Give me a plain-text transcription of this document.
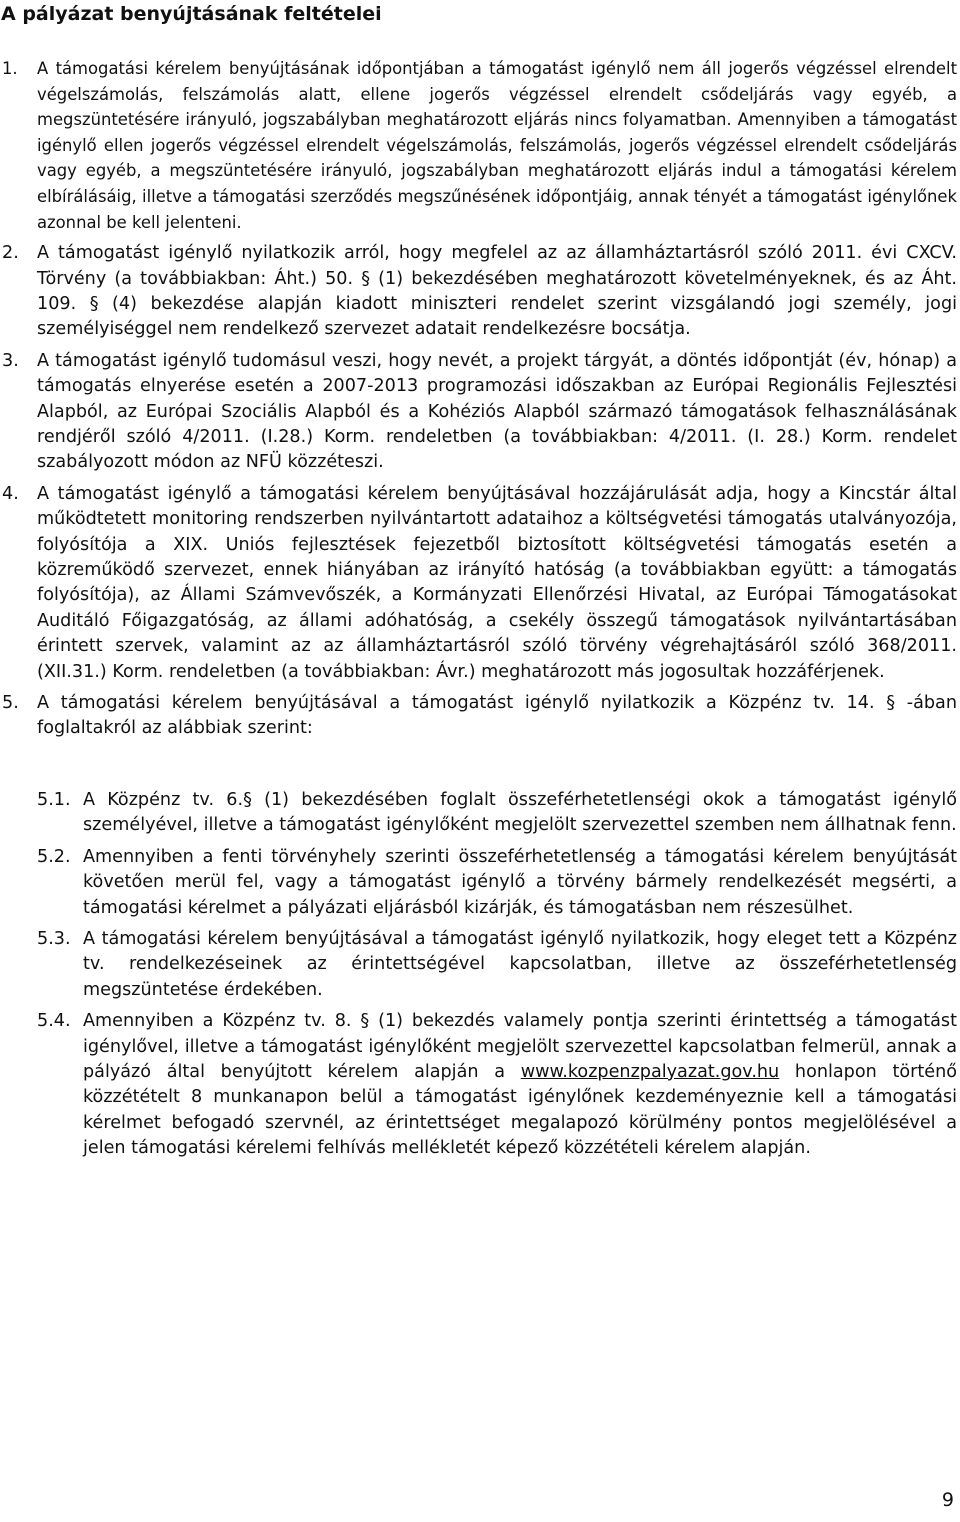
A pályázat benyújtásának feltételei
1. A támogatási kérelem benyújtásának időpontjában a támogatást igénylő nem áll jogerős végzéssel elrendelt végelszámolás, felszámolás alatt, ellene jogerős végzéssel elrendelt csődeljárás vagy egyéb, a megszüntetésére irányuló, jogszabályban meghatározott eljárás nincs folyamatban. Amennyiben a támogatást igénylő ellen jogerős végzéssel elrendelt végelszámolás, felszámolás, jogerős végzéssel elrendelt csődeljárás vagy egyéb, a megszüntetésére irányuló, jogszabályban meghatározott eljárás indul a támogatási kérelem elbírálásáig, illetve a támogatási szerződés megszűnésének időpontjáig, annak tényét a támogatást igénylőnek azonnal be kell jelenteni.
2. A támogatást igénylő nyilatkozik arról, hogy megfelel az az államháztartásról szóló 2011. évi CXCV. Törvény (a továbbiakban: Áht.) 50. § (1) bekezdésében meghatározott követelményeknek, és az Áht. 109. § (4) bekezdése alapján kiadott miniszteri rendelet szerint vizsgálandó jogi személy, jogi személyiséggel nem rendelkező szervezet adatait rendelkezésre bocsátja.
3. A támogatást igénylő tudomásul veszi, hogy nevét, a projekt tárgyát, a döntés időpontját (év, hónap) a támogatás elnyerése esetén a 2007-2013 programozási időszakban az Európai Regionális Fejlesztési Alapból, az Európai Szociális Alapból és a Kohéziós Alapból származó támogatások felhasználásának rendjéről szóló 4/2011. (I.28.) Korm. rendeletben (a továbbiakban: 4/2011. (I. 28.) Korm. rendelet szabályozott módon az NFÜ közzéteszi.
4. A támogatást igénylő a támogatási kérelem benyújtásával hozzájárulását adja, hogy a Kincstár által működtetett monitoring rendszerben nyilvántartott adataihoz a költségvetési támogatás utalványozója, folyósítója a XIX. Uniós fejlesztések fejezetből biztosított költségvetési támogatás esetén a közreműködő szervezet, ennek hiányában az irányító hatóság (a továbbiakban együtt: a támogatás folyósítója), az Állami Számvevőszék, a Kormányzati Ellenőrzési Hivatal, az Európai Támogatásokat Auditáló Főigazgatóság, az állami adóhatóság, a csekély összegű támogatások nyilvántartásában érintett szervek, valamint az az államháztartásról szóló törvény végrehajtásáról szóló 368/2011. (XII.31.) Korm. rendeletben (a továbbiakban: Ávr.) meghatározott más jogosultak hozzáférjenek.
5. A támogatási kérelem benyújtásával a támogatást igénylő nyilatkozik a Közpénz tv. 14. § -ában foglaltakról az alábbiak szerint:
5.1. A Közpénz tv. 6.§ (1) bekezdésében foglalt összeférhetetlenségi okok a támogatást igénylő személyével, illetve a támogatást igénylőként megjelölt szervezettel szemben nem állhatnak fenn.
5.2. Amennyiben a fenti törvényhely szerinti összeférhetetlenség a támogatási kérelem benyújtását követően merül fel, vagy a támogatást igénylő a törvény bármely rendelkezését megsérti, a támogatási kérelmet a pályázati eljárásból kizárják, és támogatásban nem részesülhet.
5.3. A támogatási kérelem benyújtásával a támogatást igénylő nyilatkozik, hogy eleget tett a Közpénz tv. rendelkezéseinek az érintettségével kapcsolatban, illetve az összeférhetetlenség megszüntetése érdekében.
5.4. Amennyiben a Közpénz tv. 8. § (1) bekezdés valamely pontja szerinti érintettség a támogatást igénylővel, illetve a támogatást igénylőként megjelölt szervezettel kapcsolatban felmerül, annak a pályázó által benyújtott kérelem alapján a www.kozpenzpalyazat.gov.hu honlapon történő közzétételt 8 munkanapon belül a támogatást igénylőnek kezdeményeznie kell a támogatási kérelmet befogadó szervnél, az érintettséget megalapozó körülmény pontos megjelölésével a jelen támogatási kérelemi felhívás mellékletét képező közzétételi kérelem alapján.
9
